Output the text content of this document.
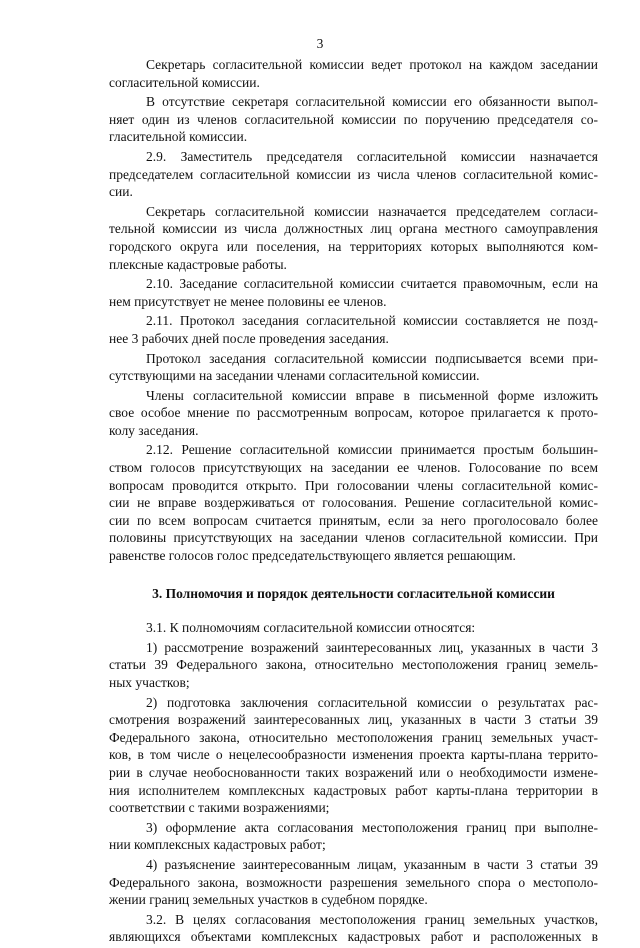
3
Секретарь согласительной комиссии ведет протокол на каждом заседании
согласительной комиссии.
В отсутствие секретаря согласительной комиссии его обязанности выпол-
няет один из членов согласительной комиссии по поручению председателя со-
гласительной комиссии.
2.9. Заместитель председателя согласительной комиссии назначается
председателем согласительной комиссии из числа членов согласительной комис-
сии.
Секретарь согласительной комиссии назначается председателем согласи-
тельной комиссии из числа должностных лиц органа местного самоуправления
городского округа или поселения, на территориях которых выполняются ком-
плексные кадастровые работы.
2.10. Заседание согласительной комиссии считается правомочным, если на
нем присутствует не менее половины ее членов.
2.11. Протокол заседания согласительной комиссии составляется не позд-
нее 3 рабочих дней после проведения заседания.
Протокол заседания согласительной комиссии подписывается всеми при-
сутствующими на заседании членами согласительной комиссии.
Члены согласительной комиссии вправе в письменной форме изложить
свое особое мнение по рассмотренным вопросам, которое прилагается к прото-
колу заседания.
2.12. Решение согласительной комиссии принимается простым большин-
ством голосов присутствующих на заседании ее членов. Голосование по всем
вопросам проводится открыто. При голосовании члены согласительной комис-
сии не вправе воздерживаться от голосования. Решение согласительной комис-
сии по всем вопросам считается принятым, если за него проголосовало более
половины присутствующих на заседании членов согласительной комиссии. При
равенстве голосов голос председательствующего является решающим.
3. Полномочия и порядок деятельности согласительной комиссии
3.1. К полномочиям согласительной комиссии относятся:
1) рассмотрение возражений заинтересованных лиц, указанных в части 3
статьи 39 Федерального закона, относительно местоположения границ земель-
ных участков;
2) подготовка заключения согласительной комиссии о результатах рас-
смотрения возражений заинтересованных лиц, указанных в части 3 статьи 39
Федерального закона, относительно местоположения границ земельных участ-
ков, в том числе о нецелесообразности изменения проекта карты-плана террито-
рии в случае необоснованности таких возражений или о необходимости измене-
ния исполнителем комплексных кадастровых работ карты-плана территории в
соответствии с такими возражениями;
3) оформление акта согласования местоположения границ при выполне-
нии комплексных кадастровых работ;
4) разъяснение заинтересованным лицам, указанным в части 3 статьи 39
Федерального закона, возможности разрешения земельного спора о местополо-
жении границ земельных участков в судебном порядке.
3.2. В целях согласования местоположения границ земельных участков,
являющихся объектами комплексных кадастровых работ и расположенных в
